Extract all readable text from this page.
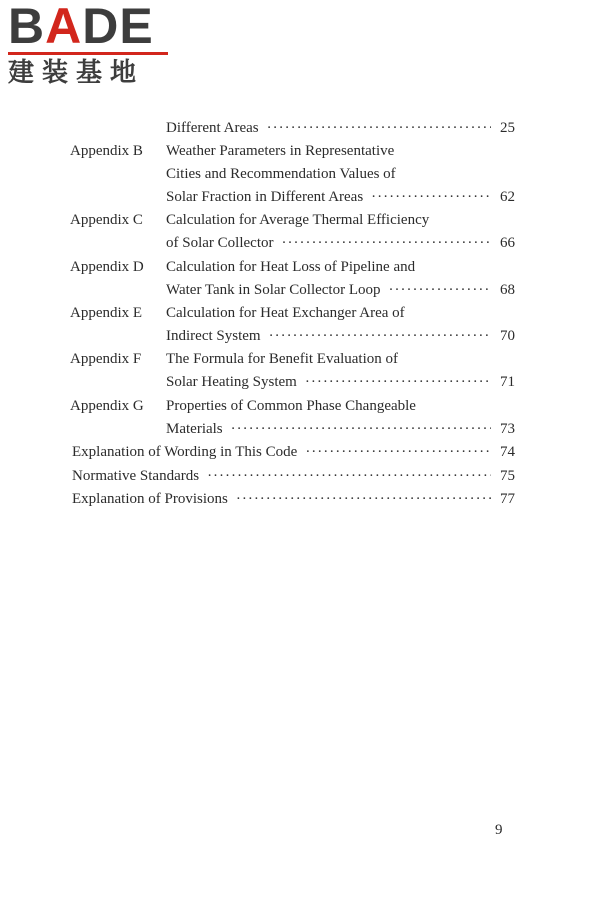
BADE
建装基地
Different Areas ·····	25
Appendix B	Weather Parameters in Representative
Cities and Recommendation Values of
Solar Fraction in Different Areas ·····	62
Appendix C	Calculation for Average Thermal Efficiency
of Solar Collector ·····	66
Appendix D	Calculation for Heat Loss of Pipeline and
Water Tank in Solar Collector Loop ·····	68
Appendix E	Calculation for Heat Exchanger Area of
Indirect System ·····	70
Appendix F	The Formula for Benefit Evaluation of
Solar Heating System ·····	71
Appendix G	Properties of Common Phase Changeable
Materials ·····	73
Explanation of Wording in This Code ·····	74
Normative Standards ·····	75
Explanation of Provisions ·····	77
9
